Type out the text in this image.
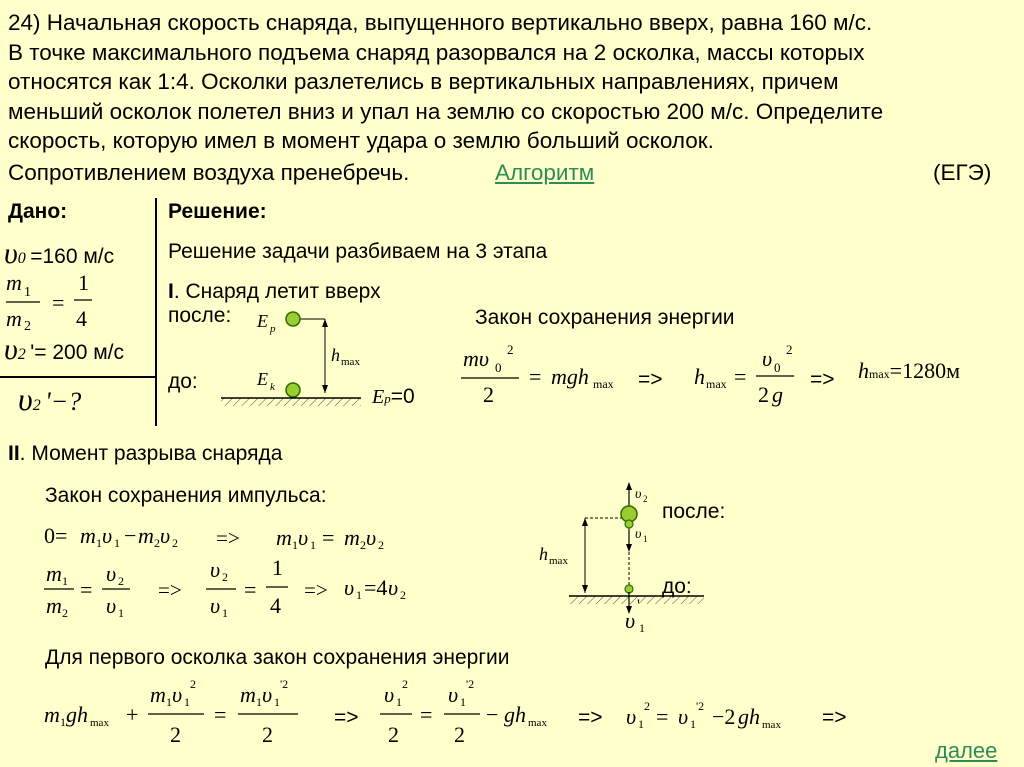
24) Начальная скорость снаряда, выпущенного вертикально вверх, равна 160 м/с.
В точке максимального подъема снаряд разорвался на 2 осколка, массы которых
относятся как 1:4. Осколки разлетелись в вертикальных направлениях, причем
меньший осколок полетел вниз и упал на землю со скоростью 200 м/с. Определите
скорость, которую имел в момент удара о землю больший осколок.
Сопротивлением воздуха пренебречь.	Алгоритм	(ЕГЭ)
Дано:
υ0 =160 м/с
m 1
m 2
=
1
4
υ2 '= 200 м/с
υ2 '−?
Решение:
Решение задачи разбиваем на 3 этапа
I. Снаряд летит вверх
после:
до:
E p
E k
h max
Ep=0
Закон сохранения энергии
mυ 0
2
2
= mgh max => h max =
υ 0
2
2 g
=> hmax=1280м
II. Момент разрыва снаряда
Закон сохранения импульса:
0= m 1 υ 1 − m 2 υ 2 => m 1 υ 1 = m 2 υ 2
m 1
m 2
=
υ 2
υ 1
=>
υ 2
υ 1
=
1
4
=> υ 1 =4 υ 2
h max
υ 2
υ 1
υ 1
'
после:
до:
Для первого осколка закон сохранения энергии
m 1 gh max +
m 1 υ 1
2
2
=
m 1 υ 1
'2
2
=>
υ 1
2
2
=
υ 1
'2
2
− gh max => υ 1
2 = υ 1
'2 −2 gh max =>
далее
